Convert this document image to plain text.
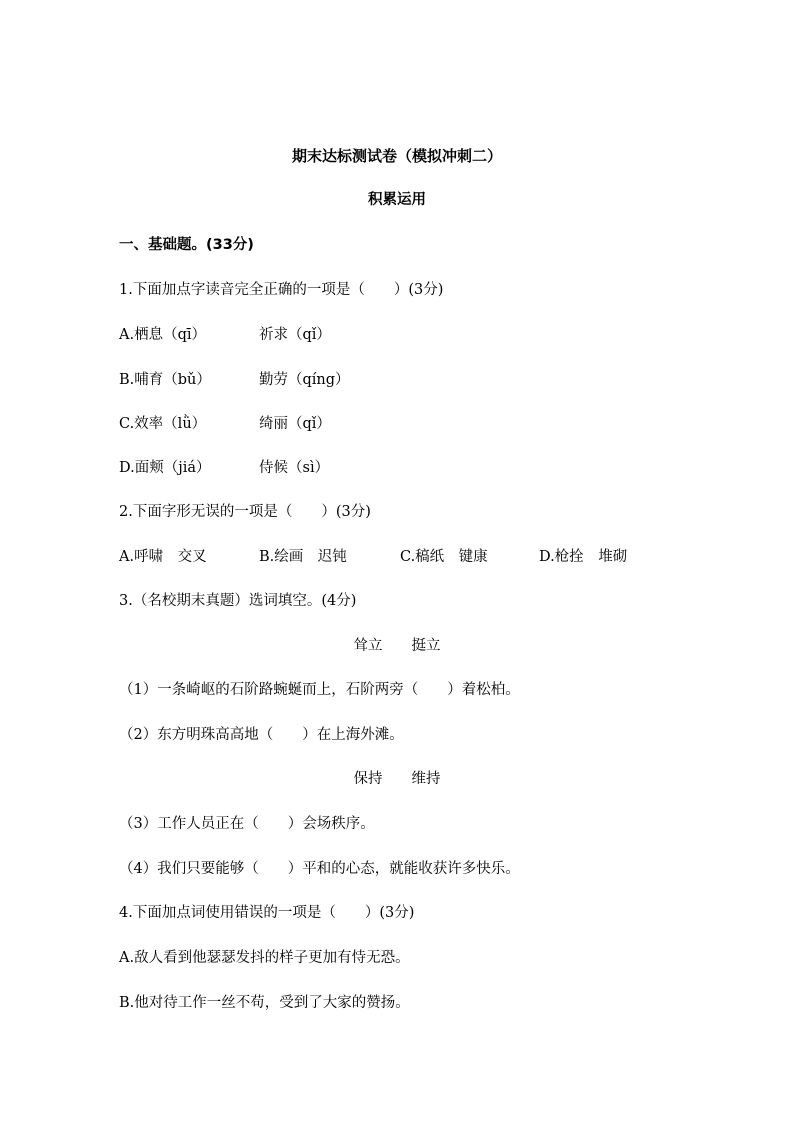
期末达标测试卷（模拟冲刺二）
积累运用
一、基础题。(33分)
1.下面加点字读音完全正确的一项是（　　）(3分)
A.栖息（qī）	祈求（qǐ）
B.哺育（bǔ）	勤劳（qíng）
C.效率（lǜ）	绮丽（qǐ）
D.面颊（jiá）	侍候（sì）
2.下面字形无误的一项是（　　）(3分)
A.呼啸　交叉	B.绘画　迟钝	C.稿纸　键康	D.枪拴　堆砌
3.（名校期末真题）选词填空。(4分)
耸立　　挺立
（1）一条崎岖的石阶路蜿蜒而上，石阶两旁（　　）着松柏。
（2）东方明珠高高地（　　）在上海外滩。
保持　　维持
（3）工作人员正在（　　）会场秩序。
（4）我们只要能够（　　）平和的心态，就能收获许多快乐。
4.下面加点词使用错误的一项是（　　）(3分)
A.敌人看到他瑟瑟发抖的样子更加有恃无恐。
B.他对待工作一丝不苟，受到了大家的赞扬。
